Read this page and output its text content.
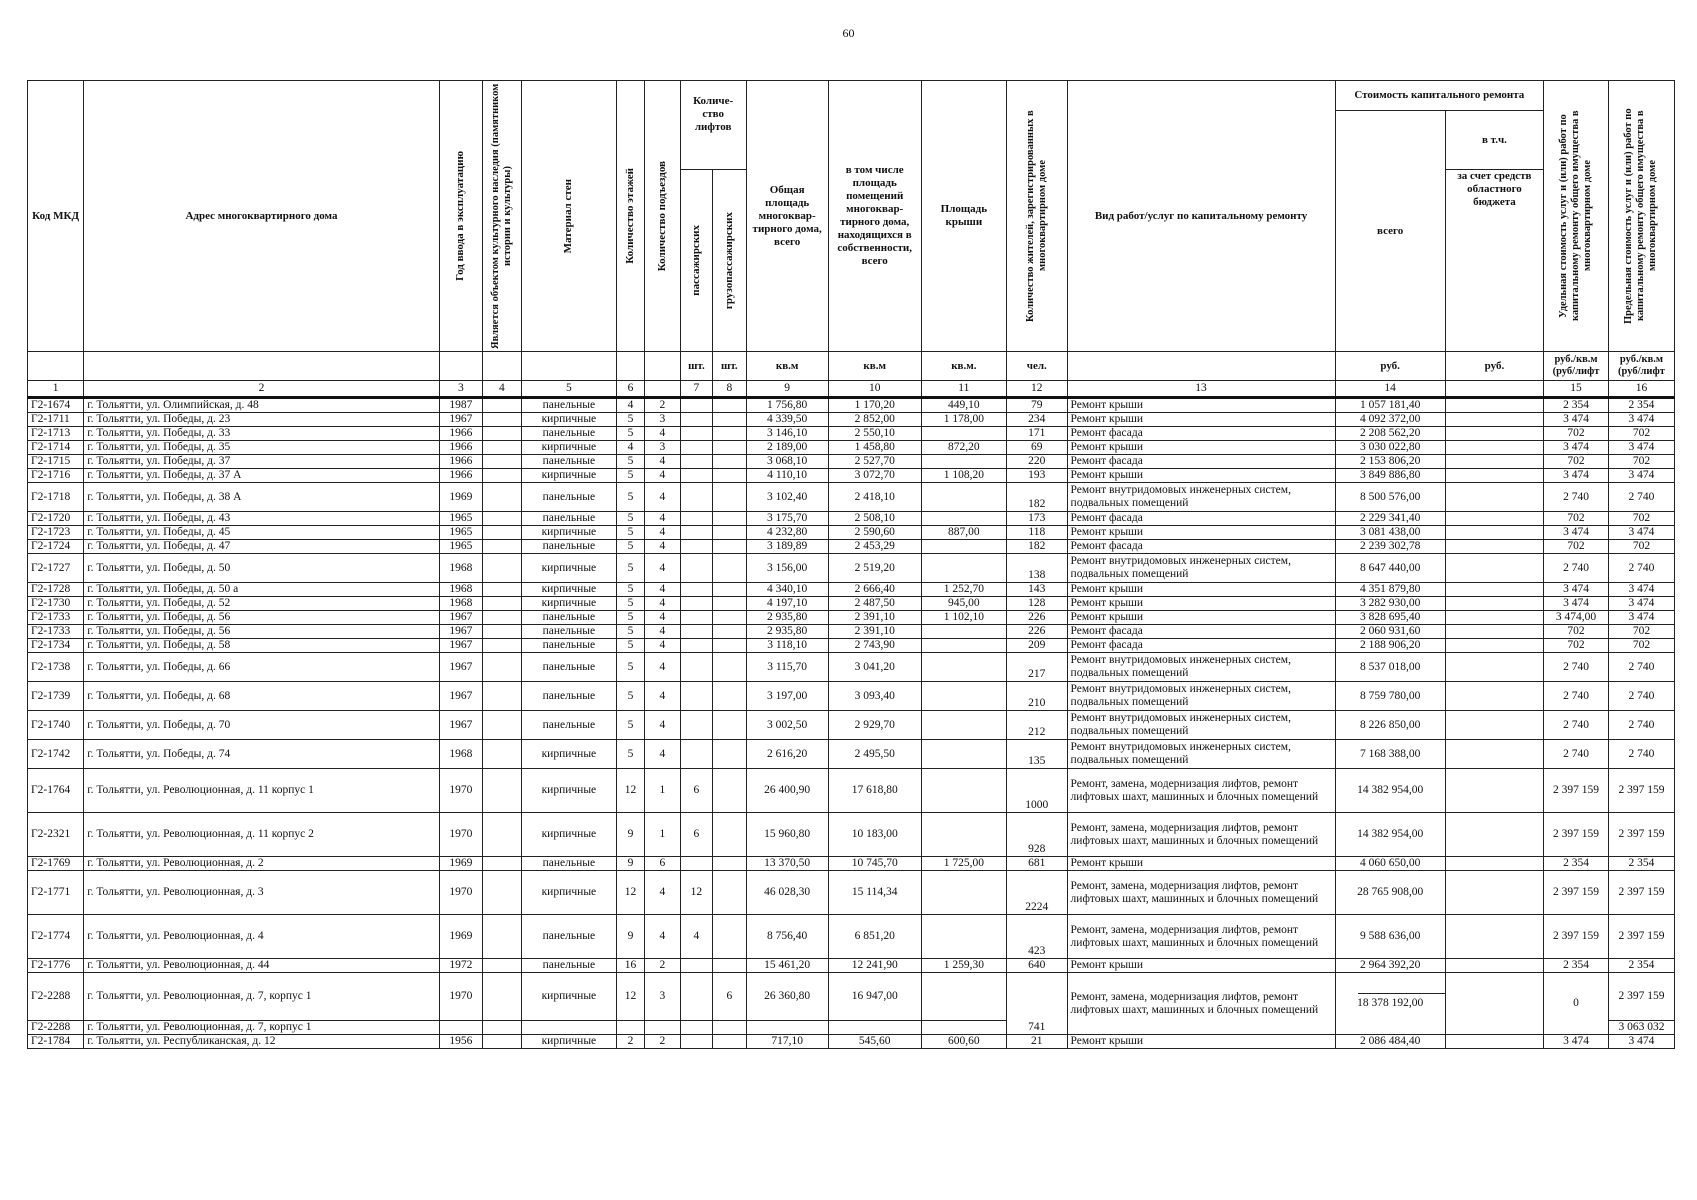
60
Код МКД	Адрес многоквартирного дома	Год ввода в эксплуатацию	Является объектом культурного наследия (памятником истории и культуры)	Материал стен	Количество этажей	Количество подъездов	Количе-ство лифтов		Общая площадь многоквар-тирного дома, всего	в том числе площадь помещений многоквар-тирного дома, находящихся в собственности, всего	Площадь крыши	Количество жителей, зарегистрированных в многоквартирном доме	Вид работ/услуг по капитальному ремонту	Стоимость капитального ремонта		Удельная стоимость услуг и (или) работ по капитальному ремонту общего имущества в многоквартирном доме	Предельная стоимость услуг и (или) работ по капитальному ремонту общего имущества в многоквартирном доме

														всего	в т.ч.		

							пассажирских	грузопассажирских							за счет средств областного бюджета		
							шт.	шт.	кв.м	кв.м	кв.м.	чел.		руб.	руб.	руб./кв.м (руб/лифт	руб./кв.м (руб/лифт
1	2	3	4	5	6		7	8	9	10	11	12	13	14		15	16
Г2-1674	г. Тольятти, ул. Олимпийская, д. 48	1987		панельные	4	2			1 756,80	1 170,20	449,10	79	Ремонт крыши	1 057 181,40		2 354	2 354
Г2-1711	г. Тольятти, ул. Победы, д. 23	1967		кирпичные	5	3			4 339,50	2 852,00	1 178,00	234	Ремонт крыши	4 092 372,00		3 474	3 474
Г2-1713	г. Тольятти, ул. Победы, д. 33	1966		панельные	5	4			3 146,10	2 550,10		171	Ремонт фасада	2 208 562,20		702	702
Г2-1714	г. Тольятти, ул. Победы, д. 35	1966		кирпичные	4	3			2 189,00	1 458,80	872,20	69	Ремонт крыши	3 030 022,80		3 474	3 474
Г2-1715	г. Тольятти, ул. Победы, д. 37	1966		панельные	5	4			3 068,10	2 527,70		220	Ремонт фасада	2 153 806,20		702	702
Г2-1716	г. Тольятти, ул. Победы, д. 37 А	1966		кирпичные	5	4			4 110,10	3 072,70	1 108,20	193	Ремонт крыши	3 849 886,80		3 474	3 474
Г2-1718	г. Тольятти, ул. Победы, д. 38 А	1969		панельные	5	4			3 102,40	2 418,10		182	Ремонт внутридомовых инженерных систем, подвальных помещений	8 500 576,00		2 740	2 740
Г2-1720	г. Тольятти, ул. Победы, д. 43	1965		панельные	5	4			3 175,70	2 508,10		173	Ремонт фасада	2 229 341,40		702	702
Г2-1723	г. Тольятти, ул. Победы, д. 45	1965		кирпичные	5	4			4 232,80	2 590,60	887,00	118	Ремонт крыши	3 081 438,00		3 474	3 474
Г2-1724	г. Тольятти, ул. Победы, д. 47	1965		панельные	5	4			3 189,89	2 453,29		182	Ремонт фасада	2 239 302,78		702	702
Г2-1727	г. Тольятти, ул. Победы, д. 50	1968		кирпичные	5	4			3 156,00	2 519,20		138	Ремонт внутридомовых инженерных систем, подвальных помещений	8 647 440,00		2 740	2 740
Г2-1728	г. Тольятти, ул. Победы, д. 50 а	1968		кирпичные	5	4			4 340,10	2 666,40	1 252,70	143	Ремонт крыши	4 351 879,80		3 474	3 474
Г2-1730	г. Тольятти, ул. Победы, д. 52	1968		кирпичные	5	4			4 197,10	2 487,50	945,00	128	Ремонт крыши	3 282 930,00		3 474	3 474
Г2-1733	г. Тольятти, ул. Победы, д. 56	1967		панельные	5	4			2 935,80	2 391,10	1 102,10	226	Ремонт крыши	3 828 695,40		3 474,00	3 474
Г2-1733	г. Тольятти, ул. Победы, д. 56	1967		панельные	5	4			2 935,80	2 391,10		226	Ремонт фасада	2 060 931,60		702	702
Г2-1734	г. Тольятти, ул. Победы, д. 58	1967		панельные	5	4			3 118,10	2 743,90		209	Ремонт фасада	2 188 906,20		702	702
Г2-1738	г. Тольятти, ул. Победы, д. 66	1967		панельные	5	4			3 115,70	3 041,20		217	Ремонт внутридомовых инженерных систем, подвальных помещений	8 537 018,00		2 740	2 740
Г2-1739	г. Тольятти, ул. Победы, д. 68	1967		панельные	5	4			3 197,00	3 093,40		210	Ремонт внутридомовых инженерных систем, подвальных помещений	8 759 780,00		2 740	2 740
Г2-1740	г. Тольятти, ул. Победы, д. 70	1967		панельные	5	4			3 002,50	2 929,70		212	Ремонт внутридомовых инженерных систем, подвальных помещений	8 226 850,00		2 740	2 740
Г2-1742	г. Тольятти, ул. Победы, д. 74	1968		кирпичные	5	4			2 616,20	2 495,50		135	Ремонт внутридомовых инженерных систем, подвальных помещений	7 168 388,00		2 740	2 740
Г2-1764	г. Тольятти, ул. Революционная, д. 11 корпус 1	1970		кирпичные	12	1	6		26 400,90	17 618,80		1000	Ремонт, замена, модернизация лифтов, ремонт лифтовых шахт, машинных и блочных помещений	14 382 954,00		2 397 159	2 397 159
Г2-2321	г. Тольятти, ул. Революционная, д. 11 корпус 2	1970		кирпичные	9	1	6		15 960,80	10 183,00		928	Ремонт, замена, модернизация лифтов, ремонт лифтовых шахт, машинных и блочных помещений	14 382 954,00		2 397 159	2 397 159
Г2-1769	г. Тольятти, ул. Революционная, д. 2	1969		панельные	9	6			13 370,50	10 745,70	1 725,00	681	Ремонт крыши	4 060 650,00		2 354	2 354
Г2-1771	г. Тольятти, ул. Революционная, д. 3	1970		кирпичные	12	4	12		46 028,30	15 114,34		2224	Ремонт, замена, модернизация лифтов, ремонт лифтовых шахт, машинных и блочных помещений	28 765 908,00		2 397 159	2 397 159
Г2-1774	г. Тольятти, ул. Революционная, д. 4	1969		панельные	9	4	4		8 756,40	6 851,20		423	Ремонт, замена, модернизация лифтов, ремонт лифтовых шахт, машинных и блочных помещений	9 588 636,00		2 397 159	2 397 159
Г2-1776	г. Тольятти, ул. Революционная, д. 44	1972		панельные	16	2			15 461,20	12 241,90	1 259,30	640	Ремонт крыши	2 964 392,20		2 354	2 354
Г2-2288	г. Тольятти, ул. Революционная, д. 7, корпус 1	1970		кирпичные	12	3		6	26 360,80	16 947,00		741	Ремонт, замена, модернизация лифтов, ремонт лифтовых шахт, машинных и блочных помещений	18 378 192,00		0	2 397 159
Г2-2288	г. Тольятти, ул. Революционная, д. 7, корпус 1																3 063 032
Г2-1784	г. Тольятти, ул. Республиканская, д. 12	1956		кирпичные	2	2			717,10	545,60	600,60	21	Ремонт крыши	2 086 484,40		3 474	3 474
